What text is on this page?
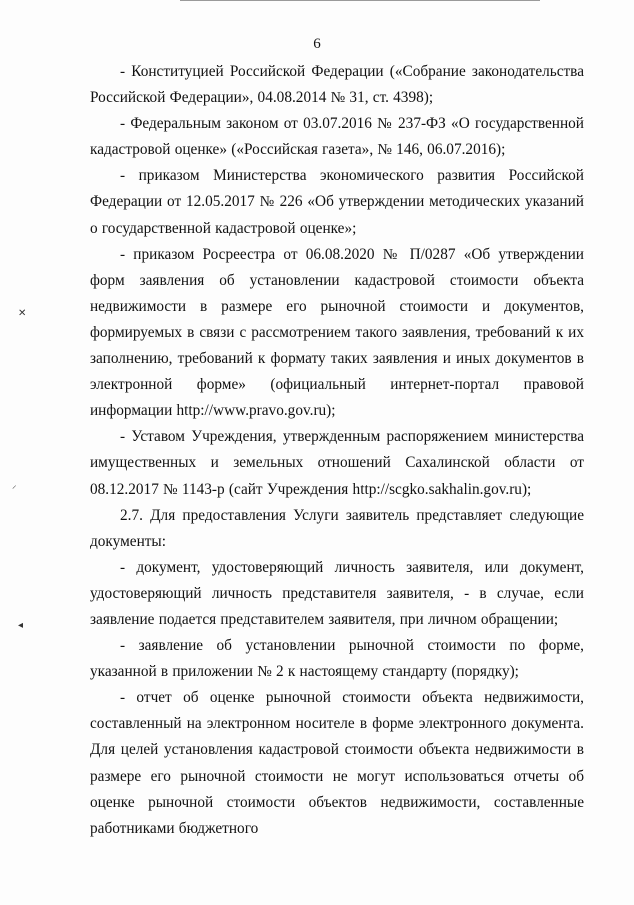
6

- Конституцией Российской Федерации («Собрание законодательства Российской Федерации», 04.08.2014 № 31, ст. 4398);

- Федеральным законом от 03.07.2016 № 237-ФЗ «О государственной кадастровой оценке» («Российская газета», № 146, 06.07.2016);

- приказом Министерства экономического развития Российской Федерации от 12.05.2017 № 226 «Об утверждении методических указаний о государственной кадастровой оценке»;

- приказом Росреестра от 06.08.2020 № П/0287 «Об утверждении форм заявления об установлении кадастровой стоимости объекта недвижимости в размере его рыночной стоимости и документов, формируемых в связи с рассмотрением такого заявления, требований к их заполнению, требований к формату таких заявления и иных документов в электронной форме» (официальный интернет-портал правовой информации http://www.pravo.gov.ru);

- Уставом Учреждения, утвержденным распоряжением министерства имущественных и земельных отношений Сахалинской области от 08.12.2017 № 1143-р (сайт Учреждения http://scgko.sakhalin.gov.ru);

2.7. Для предоставления Услуги заявитель представляет следующие документы:

- документ, удостоверяющий личность заявителя, или документ, удостоверяющий личность представителя заявителя, - в случае, если заявление подается представителем заявителя, при личном обращении;

- заявление об установлении рыночной стоимости по форме, указанной в приложении № 2 к настоящему стандарту (порядку);

- отчет об оценке рыночной стоимости объекта недвижимости, составленный на электронном носителе в форме электронного документа. Для целей установления кадастровой стоимости объекта недвижимости в размере его рыночной стоимости не могут использоваться отчеты об оценке рыночной стоимости объектов недвижимости, составленные работниками бюджетного

✕
⸝
◂
